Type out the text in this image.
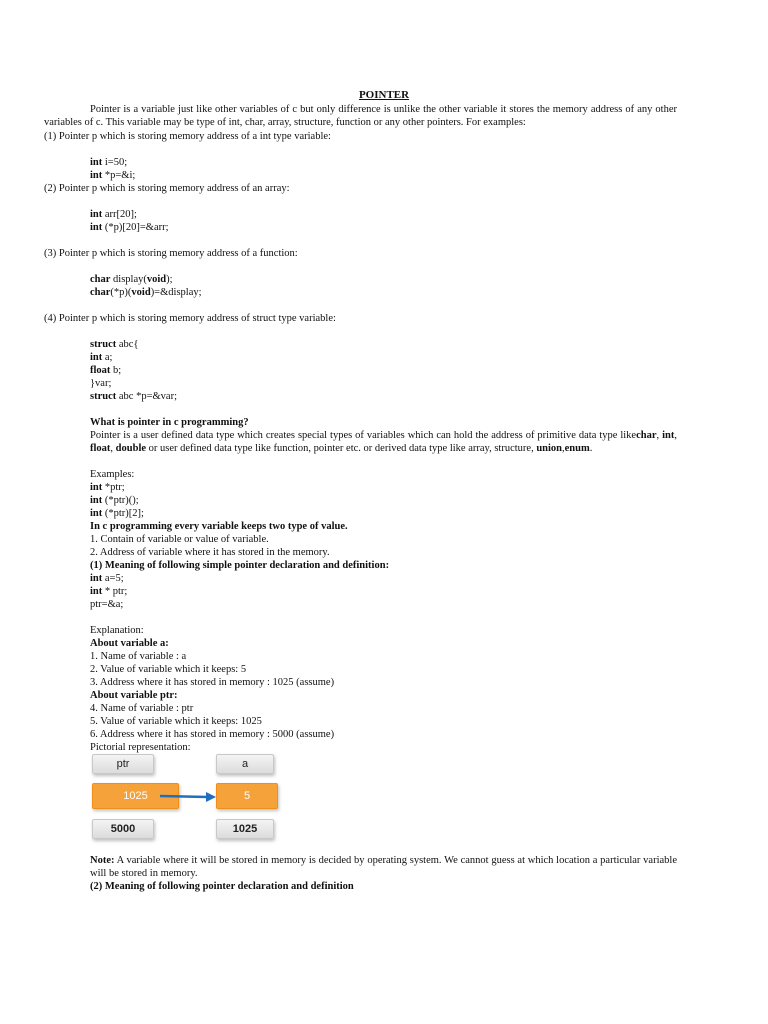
POINTER
Pointer is a variable just like other variables of c but only difference is unlike the other variable it stores the memory address of any other variables of c. This variable may be type of int, char, array, structure, function or any other pointers. For examples:
(1) Pointer p which is storing memory address of a int type variable:
int i=50;
int *p=&i;
(2) Pointer p which is storing memory address of an array:
int arr[20];
int (*p)[20]=&arr;
(3) Pointer p which is storing memory address of a function:
char display(void);
char(*p)(void)=&display;
(4) Pointer p which is storing memory address of struct type variable:
struct abc{
int a;
float b;
}var;
struct abc *p=&var;
What is pointer in c programming?
Pointer is a user defined data type which creates special types of variables which can hold the address of primitive data type likechar, int, float, double or user defined data type like function, pointer etc. or derived data type like array, structure, union,enum.
Examples:
int *ptr;
int (*ptr)();
int (*ptr)[2];
In c programming every variable keeps two type of value.
1. Contain of variable or value of variable.
2. Address of variable where it has stored in the memory.
(1) Meaning of following simple pointer declaration and definition:
int a=5;
int * ptr;
ptr=&a;
Explanation:
About variable a:
1. Name of variable : a
2. Value of variable which it keeps: 5
3. Address where it has stored in memory : 1025 (assume)
About variable ptr:
4. Name of variable : ptr
5. Value of variable which it keeps: 1025
6. Address where it has stored in memory : 5000 (assume)
Pictorial representation:
ptr	a
1025	5
5000	1025
Note: A variable where it will be stored in memory is decided by operating system. We cannot guess at which location a particular variable will be stored in memory.
(2) Meaning of following pointer declaration and definition
